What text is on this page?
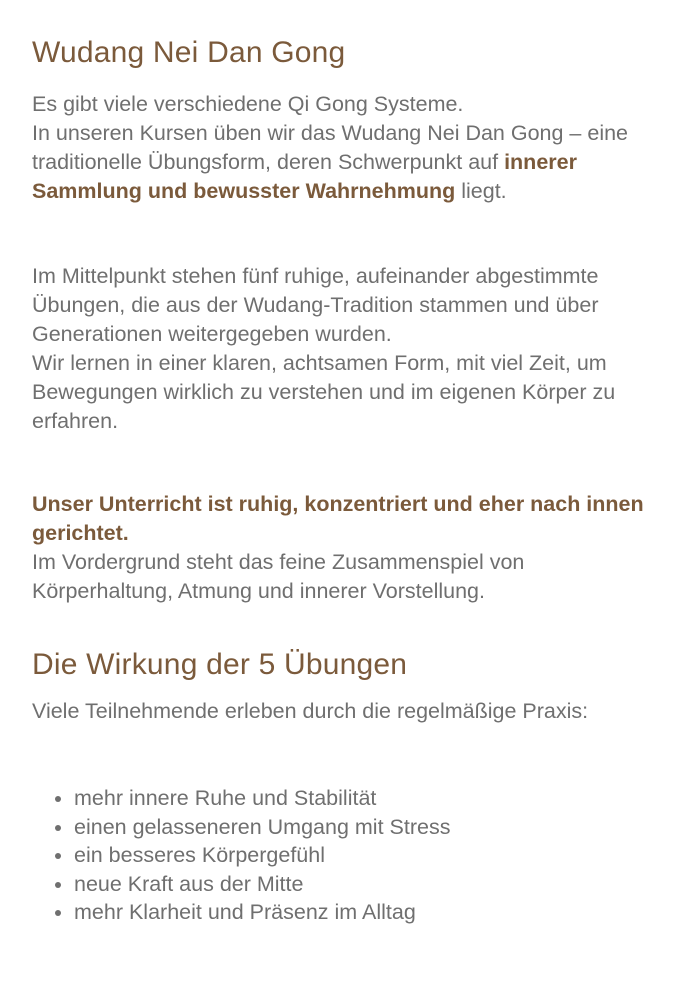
Wudang Nei Dan Gong

Es gibt viele verschiedene Qi Gong Systeme.
In unseren Kursen üben wir das Wudang Nei Dan Gong – eine traditionelle Übungsform, deren Schwerpunkt auf innerer Sammlung und bewusster Wahrnehmung liegt.

Im Mittelpunkt stehen fünf ruhige, aufeinander abgestimmte Übungen, die aus der Wudang-Tradition stammen und über Generationen weitergegeben wurden.
Wir lernen in einer klaren, achtsamen Form, mit viel Zeit, um Bewegungen wirklich zu verstehen und im eigenen Körper zu erfahren.

Unser Unterricht ist ruhig, konzentriert und eher nach innen gerichtet.
Im Vordergrund steht das feine Zusammenspiel von Körperhaltung, Atmung und innerer Vorstellung.

Die Wirkung der 5 Übungen

Viele Teilnehmende erleben durch die regelmäßige Praxis:

• mehr innere Ruhe und Stabilität
• einen gelasseneren Umgang mit Stress
• ein besseres Körpergefühl
• neue Kraft aus der Mitte
• mehr Klarheit und Präsenz im Alltag
